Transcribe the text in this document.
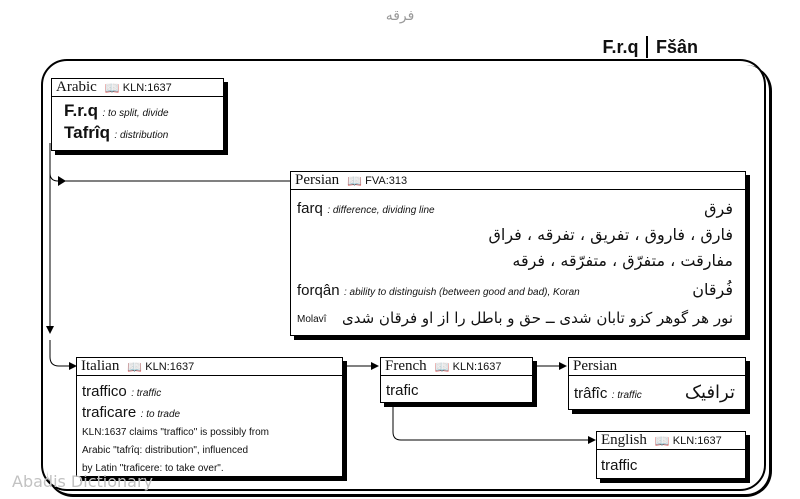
فرقه
F.r.q Fšân
Arabic 📖 KLN:1637
F.r.q : to split, divide
Tafrîq : distribution
Persian 📖 FVA:313
farq : difference, dividing line	فرق
فارق ، فاروق ، تفریق ، تفرقه ، فراق
مفارقت ، متفرّق ، متفرّقه ، فرقه
forqân : ability to distinguish (between good and bad), Koran	فُرقان
Molavî نور هر گوهر کزو تابان شدی ــ حق و باطل را از او فرقان شدی
Italian 📖 KLN:1637
traffico : traffic
traficare : to trade
KLN:1637 claims "traffico" is possibly from
Arabic "tafrîq: distribution", influenced
by Latin "traficere: to take over".
French 📖 KLN:1637
trafic
Persian
trâfîc : traffic ترافیک
English 📖 KLN:1637
traffic
Abadis Dictionary
